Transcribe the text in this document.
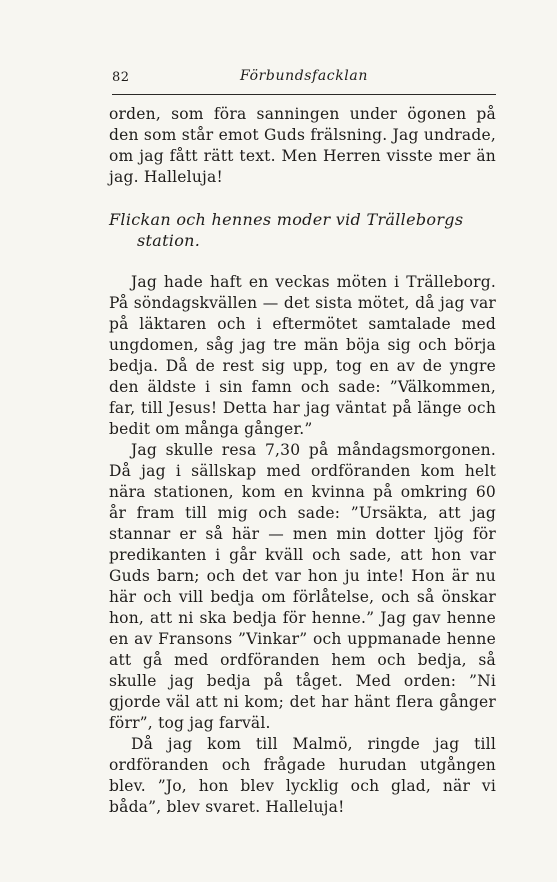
82	Förbundsfacklan

orden, som föra sanningen under ögonen på den som står emot Guds frälsning. Jag undrade, om jag fått rätt text. Men Herren visste mer än jag. Halleluja!

Flickan och hennes moder vid Trälleborgs station.

Jag hade haft en veckas möten i Trälleborg. På söndagskvällen — det sista mötet, då jag var på läktaren och i eftermötet samtalade med ungdomen, såg jag tre män böja sig och börja bedja. Då de rest sig upp, tog en av de yngre den äldste i sin famn och sade: ”Välkommen, far, till Jesus! Detta har jag väntat på länge och bedit om många gånger.”

Jag skulle resa 7,30 på måndagsmorgonen. Då jag i sällskap med ordföranden kom helt nära stationen, kom en kvinna på omkring 60 år fram till mig och sade: ”Ursäkta, att jag stannar er så här — men min dotter ljög för predikanten i går kväll och sade, att hon var Guds barn; och det var hon ju inte! Hon är nu här och vill bedja om förlåtelse, och så önskar hon, att ni ska bedja för henne.” Jag gav henne en av Fransons ”Vinkar” och uppmanade henne att gå med ordföranden hem och bedja, så skulle jag bedja på tåget. Med orden: ”Ni gjorde väl att ni kom; det har hänt flera gånger förr”, tog jag farväl.

Då jag kom till Malmö, ringde jag till ordföranden och frågade hurudan utgången blev. ”Jo, hon blev lycklig och glad, när vi båda”, blev svaret. Halleluja!
